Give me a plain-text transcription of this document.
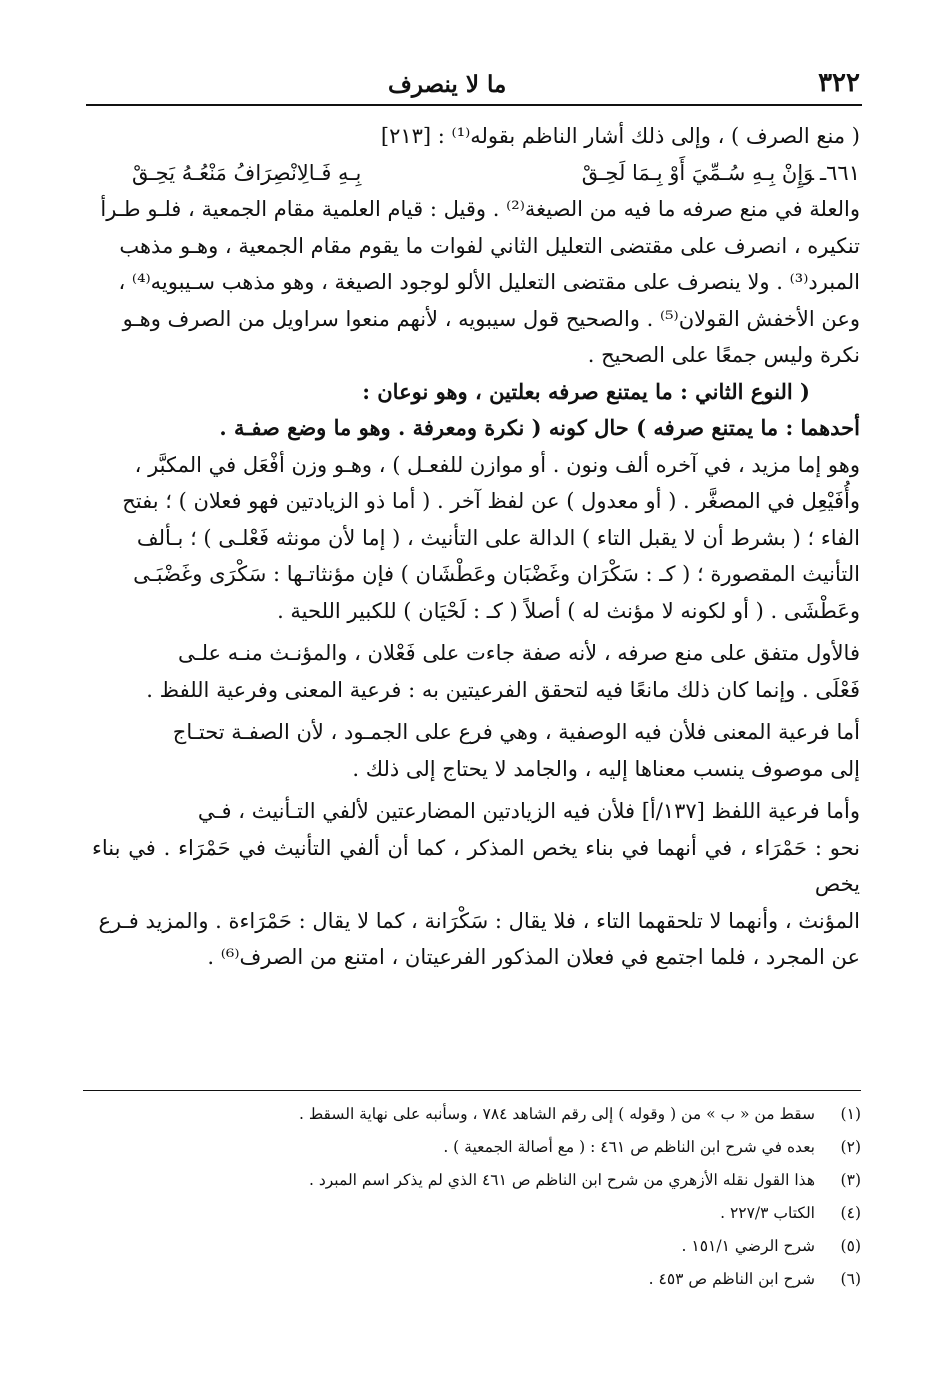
٣٢٢
ما لا ينصرف

( منع الصرف ) ، وإلى ذلك أشار الناظم بقوله⁽¹⁾ : [٢١٣]

٦٦١ـوَإِنْ بِـهِ سُـمِّيَ أَوْ بِـمَا لَحِـقْ
بِـهِ فَـالِانْصِرَافُ مَنْعُـهُ يَحِـقْ

والعلة في منع صرفه ما فيه من الصيغة⁽²⁾ . وقيل : قيام العلمية مقام الجمعية ، فلـو طـرأ

تنكيره ، انصرف على مقتضى التعليل الثاني لفوات ما يقوم مقام الجمعية ، وهـو مذهب

المبرد⁽³⁾ . ولا ينصرف على مقتضى التعليل الألو لوجود الصيغة ، وهو مذهب سـيبويه⁽⁴⁾ ،

وعن الأخفش القولان⁽⁵⁾ . والصحيح قول سيبويه ، لأنهم منعوا سراويل من الصرف وهـو

نكرة وليس جمعًا على الصحيح .

( النوع الثاني : ما يمتنع صرفه بعلتين ، وهو نوعان :

أحدهما : ما يمتنع صرفه ) حال كونه ( نكرة ومعرفة . وهو ما وضع صفـة .

وهو إما مزيد ، في آخره ألف ونون . أو موازن للفعـل ) ، وهـو وزن أفْعَل في المكبَّر ،

وأُفَيْعِل في المصغَّر . ( أو معدول ) عن لفظ آخر . ( أما ذو الزيادتين فهو فعلان ) ؛ بفتح

الفاء ؛ ( بشرط أن لا يقبل التاء ) الدالة على التأنيث ، ( إما لأن مونثه فَعْلـى ) ؛ بـألف

التأنيث المقصورة ؛ ( كـ : سَكْرَان وغَضْبَان وعَطْشَان ) فإن مؤنثاتـها : سَكْرَى وغَضْبَـى

وعَطْشَى . ( أو لكونه لا مؤنث له ) أصلاً ( كـ : لَحْيَان ) للكبير اللحية .

فالأول متفق على منع صرفه ، لأنه صفة جاءت على فَعْلان ، والمؤنـث منـه علـى

فَعْلَى . وإنما كان ذلك مانعًا فيه لتحقق الفرعيتين به : فرعية المعنى وفرعية اللفظ .

أما فرعية المعنى فلأن فيه الوصفية ، وهي فرع على الجمـود ، لأن الصفـة تحتـاج

إلى موصوف ينسب معناها إليه ، والجامد لا يحتاج إلى ذلك .

وأما فرعية اللفظ [١٣٧/أ] فلأن فيه الزيادتين المضارعتين لألفي التـأنيث ، فـي

نحو : حَمْرَاء ، في أنهما في بناء يخص المذكر ، كما أن ألفي التأنيث في حَمْرَاء . في بناء يخص

المؤنث ، وأنهما لا تلحقهما التاء ، فلا يقال : سَكْرَانة ، كما لا يقال : حَمْرَاءة . والمزيد فـرع

عن المجرد ، فلما اجتمع في فعلان المذكور الفرعيتان ، امتنع من الصرف⁽⁶⁾ .

(١)
سقط من « ب » من ( وقوله ) إلى رقم الشاهد ٧٨٤ ، وسأنبه على نهاية السقط .
(٢)
بعده في شرح ابن الناظم ص ٤٦١ : ( مع أصالة الجمعية ) .
(٣)
هذا القول نقله الأزهري من شرح ابن الناظم ص ٤٦١ الذي لم يذكر اسم المبرد .
(٤)
الكتاب ٢٢٧/٣ .
(٥)
شرح الرضي ١٥١/١ .
(٦)
شرح ابن الناظم ص ٤٥٣ .
